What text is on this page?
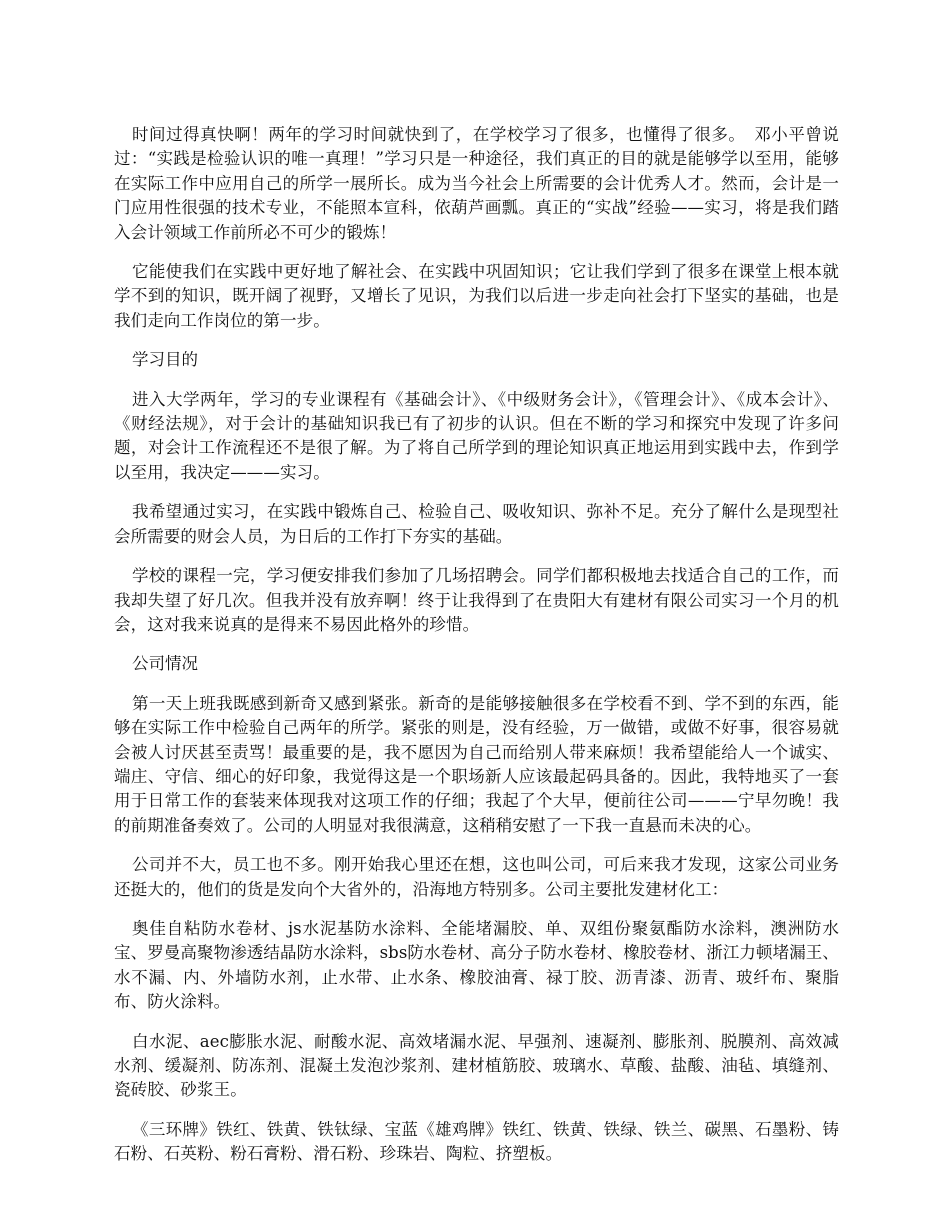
时间过得真快啊！两年的学习时间就快到了，在学校学习了很多，也懂得了很多。　邓小平曾说过：“实践是检验认识的唯一真理！”学习只是一种途径，我们真正的目的就是能够学以至用，能够在实际工作中应用自己的所学一展所长。成为当今社会上所需要的会计优秀人才。然而，会计是一门应用性很强的技术专业，不能照本宣科，依葫芦画瓢。真正的“实战”经验——实习，将是我们踏入会计领域工作前所必不可少的锻炼！

它能使我们在实践中更好地了解社会、在实践中巩固知识；它让我们学到了很多在课堂上根本就学不到的知识，既开阔了视野，又增长了见识，为我们以后进一步走向社会打下坚实的基础，也是我们走向工作岗位的第一步。

学习目的

进入大学两年，学习的专业课程有《基础会计》、《中级财务会计》，《管理会计》、《成本会计》、《财经法规》，对于会计的基础知识我已有了初步的认识。但在不断的学习和探究中发现了许多问题，对会计工作流程还不是很了解。为了将自己所学到的理论知识真正地运用到实践中去，作到学以至用，我决定———实习。

我希望通过实习，在实践中锻炼自己、检验自己、吸收知识、弥补不足。充分了解什么是现型社会所需要的财会人员，为日后的工作打下夯实的基础。

学校的课程一完，学习便安排我们参加了几场招聘会。同学们都积极地去找适合自己的工作，而我却失望了好几次。但我并没有放弃啊！终于让我得到了在贵阳大有建材有限公司实习一个月的机会，这对我来说真的是得来不易因此格外的珍惜。

公司情况

第一天上班我既感到新奇又感到紧张。新奇的是能够接触很多在学校看不到、学不到的东西，能够在实际工作中检验自己两年的所学。紧张的则是，没有经验，万一做错，或做不好事，很容易就会被人讨厌甚至责骂！最重要的是，我不愿因为自己而给别人带来麻烦！我希望能给人一个诚实、端庄、守信、细心的好印象，我觉得这是一个职场新人应该最起码具备的。因此，我特地买了一套用于日常工作的套装来体现我对这项工作的仔细；我起了个大早，便前往公司———宁早勿晚！我的前期准备奏效了。公司的人明显对我很满意，这稍稍安慰了一下我一直悬而未决的心。

公司并不大，员工也不多。刚开始我心里还在想，这也叫公司，可后来我才发现，这家公司业务还挺大的，他们的货是发向个大省外的，沿海地方特别多。公司主要批发建材化工：

奥佳自粘防水卷材、js水泥基防水涂料、全能堵漏胶、单、双组份聚氨酯防水涂料，澳洲防水宝、罗曼高聚物渗透结晶防水涂料，sbs防水卷材、高分子防水卷材、橡胶卷材、浙江力顿堵漏王、水不漏、内、外墙防水剂，止水带、止水条、橡胶油膏、禄丁胶、沥青漆、沥青、玻纤布、聚脂布、防火涂料。

白水泥、aec膨胀水泥、耐酸水泥、高效堵漏水泥、早强剂、速凝剂、膨胀剂、脱膜剂、高效减水剂、缓凝剂、防冻剂、混凝土发泡沙浆剂、建材植筋胶、玻璃水、草酸、盐酸、油毡、填缝剂、瓷砖胶、砂浆王。

《三环牌》铁红、铁黄、铁钛绿、宝蓝《雄鸡牌》铁红、铁黄、铁绿、铁兰、碳黑、石墨粉、铸石粉、石英粉、粉石膏粉、滑石粉、珍珠岩、陶粒、挤塑板。
